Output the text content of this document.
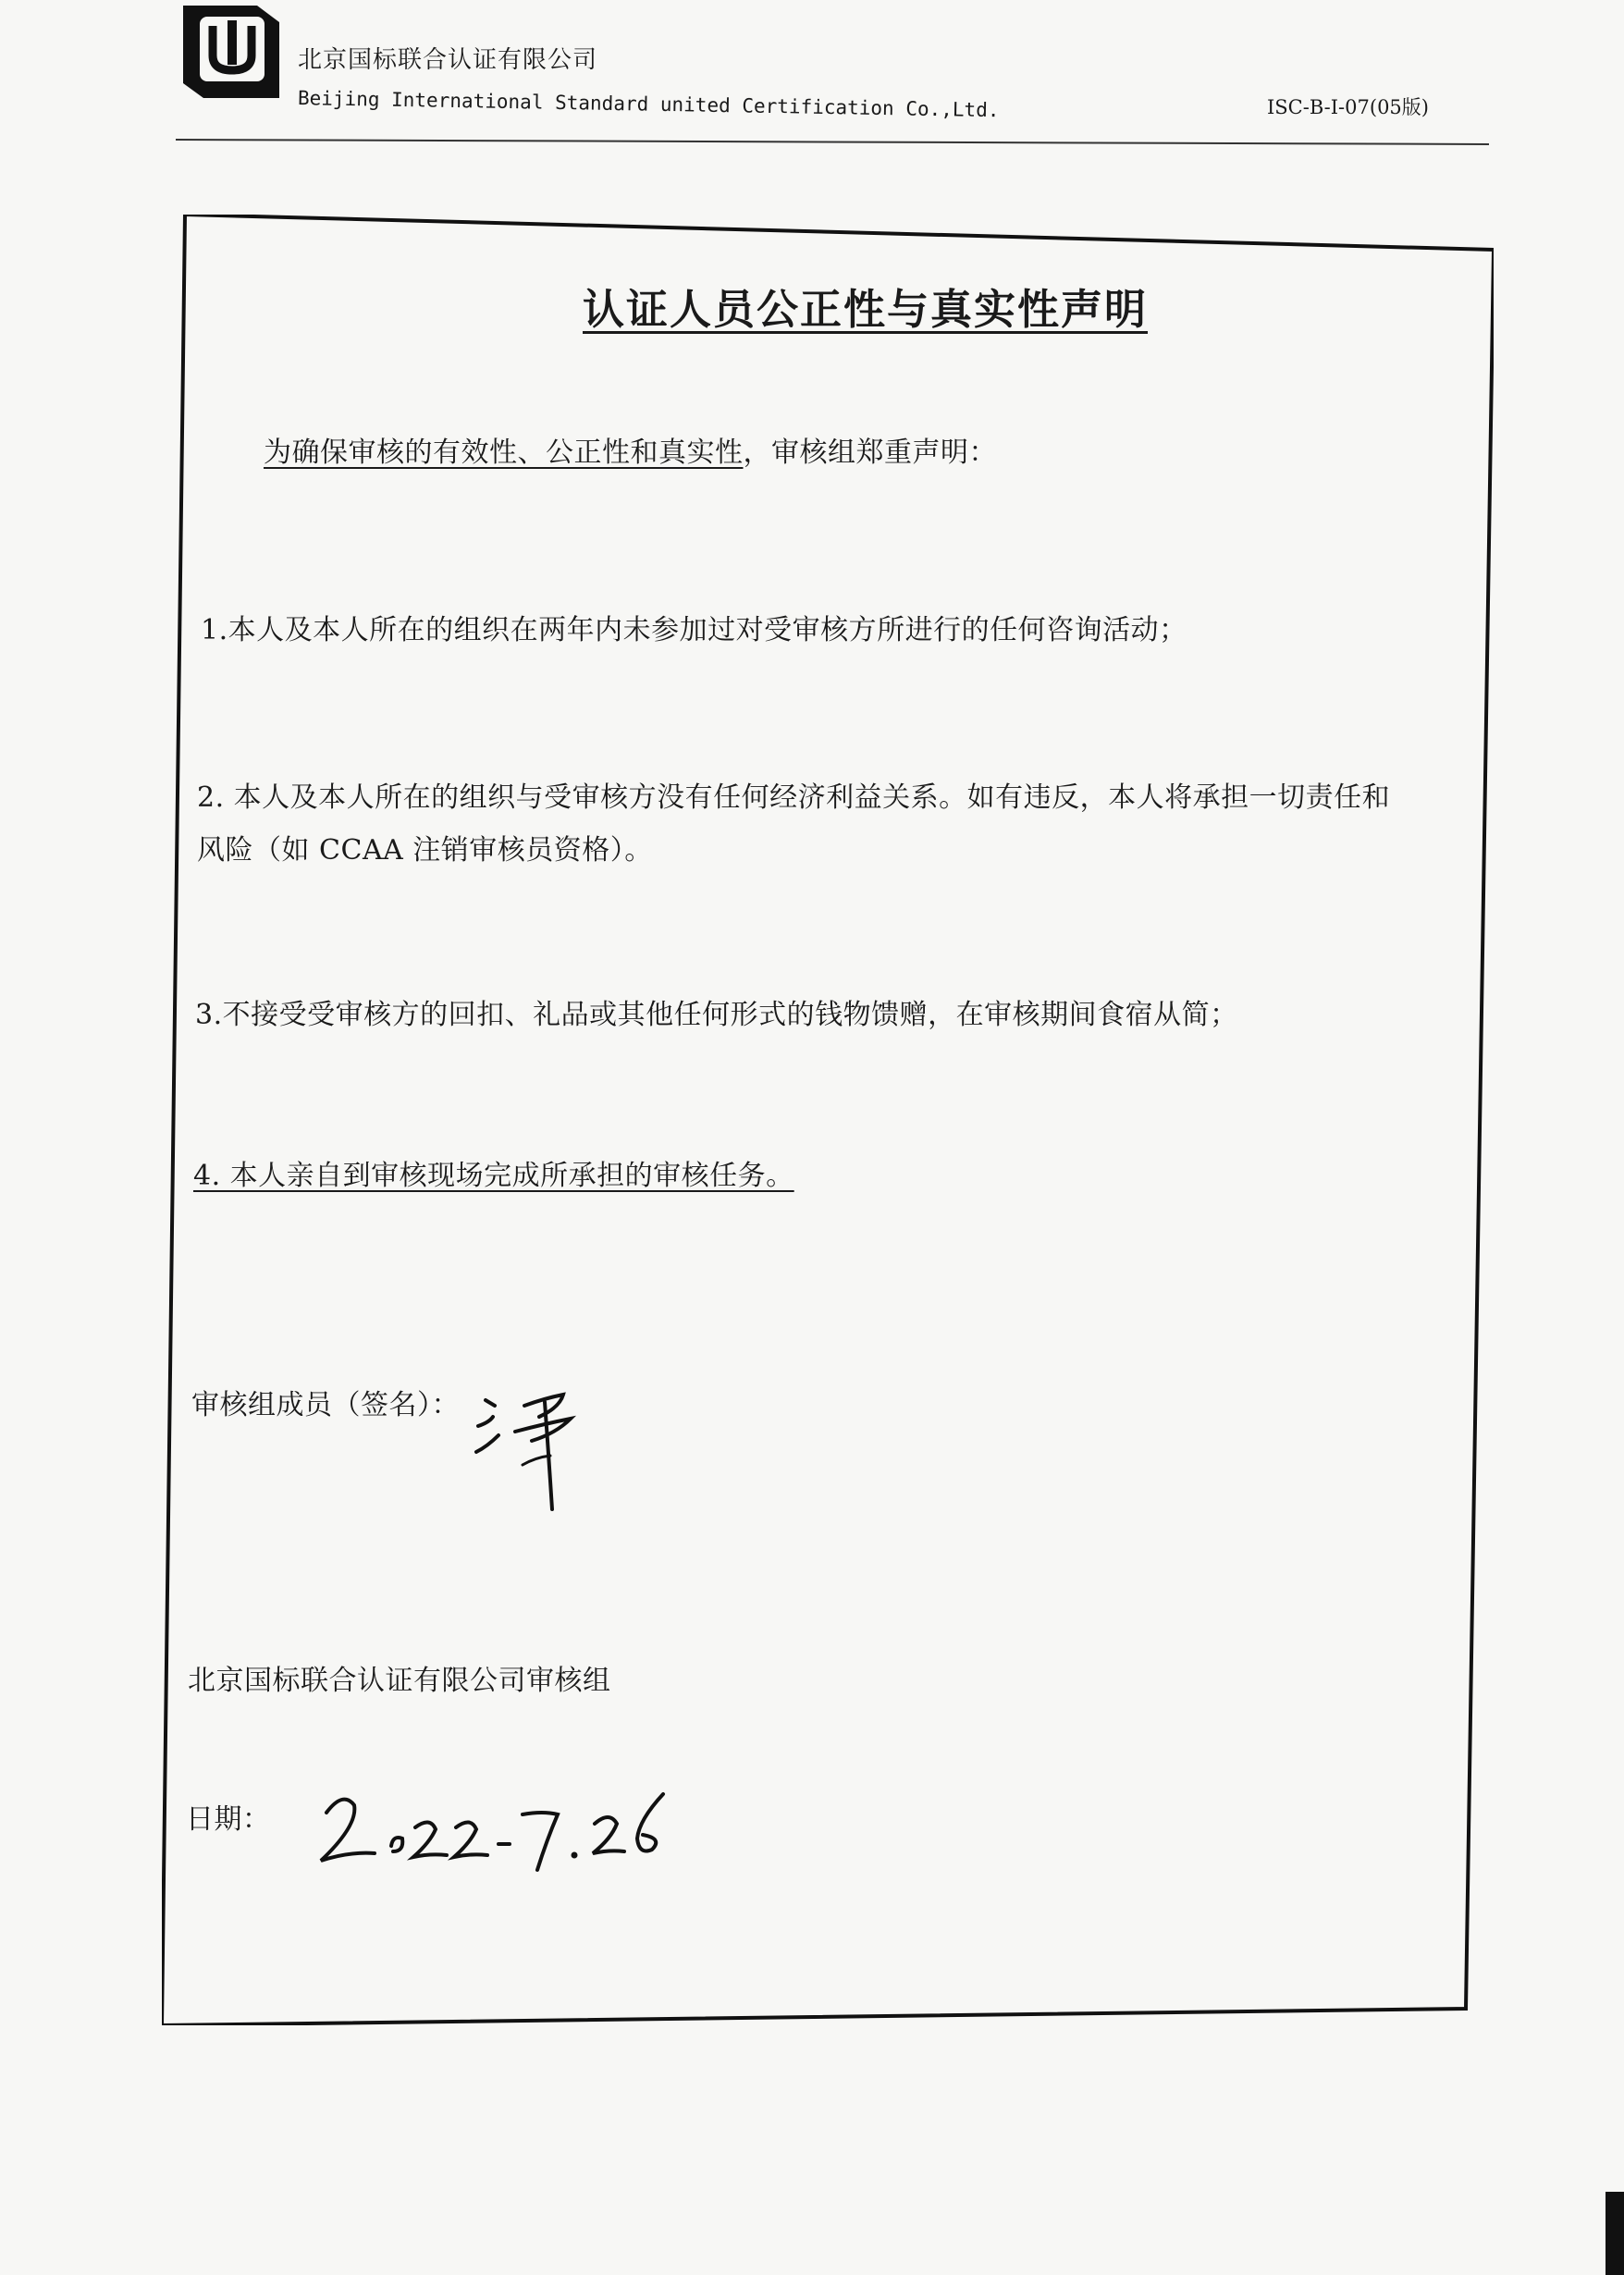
北京国标联合认证有限公司
Beijing International Standard united Certification Co.,Ltd.	ISC-B-I-07(05版)
认证人员公正性与真实性声明
为确保审核的有效性、公正性和真实性，审核组郑重声明：
1.本人及本人所在的组织在两年内未参加过对受审核方所进行的任何咨询活动；
2. 本人及本人所在的组织与受审核方没有任何经济利益关系。如有违反，本人将承担一切责任和
风险（如 CCAA 注销审核员资格）。
3.不接受受审核方的回扣、礼品或其他任何形式的钱物馈赠，在审核期间食宿从简；
4. 本人亲自到审核现场完成所承担的审核任务。
审核组成员（签名）：
北京国标联合认证有限公司审核组
日期：
